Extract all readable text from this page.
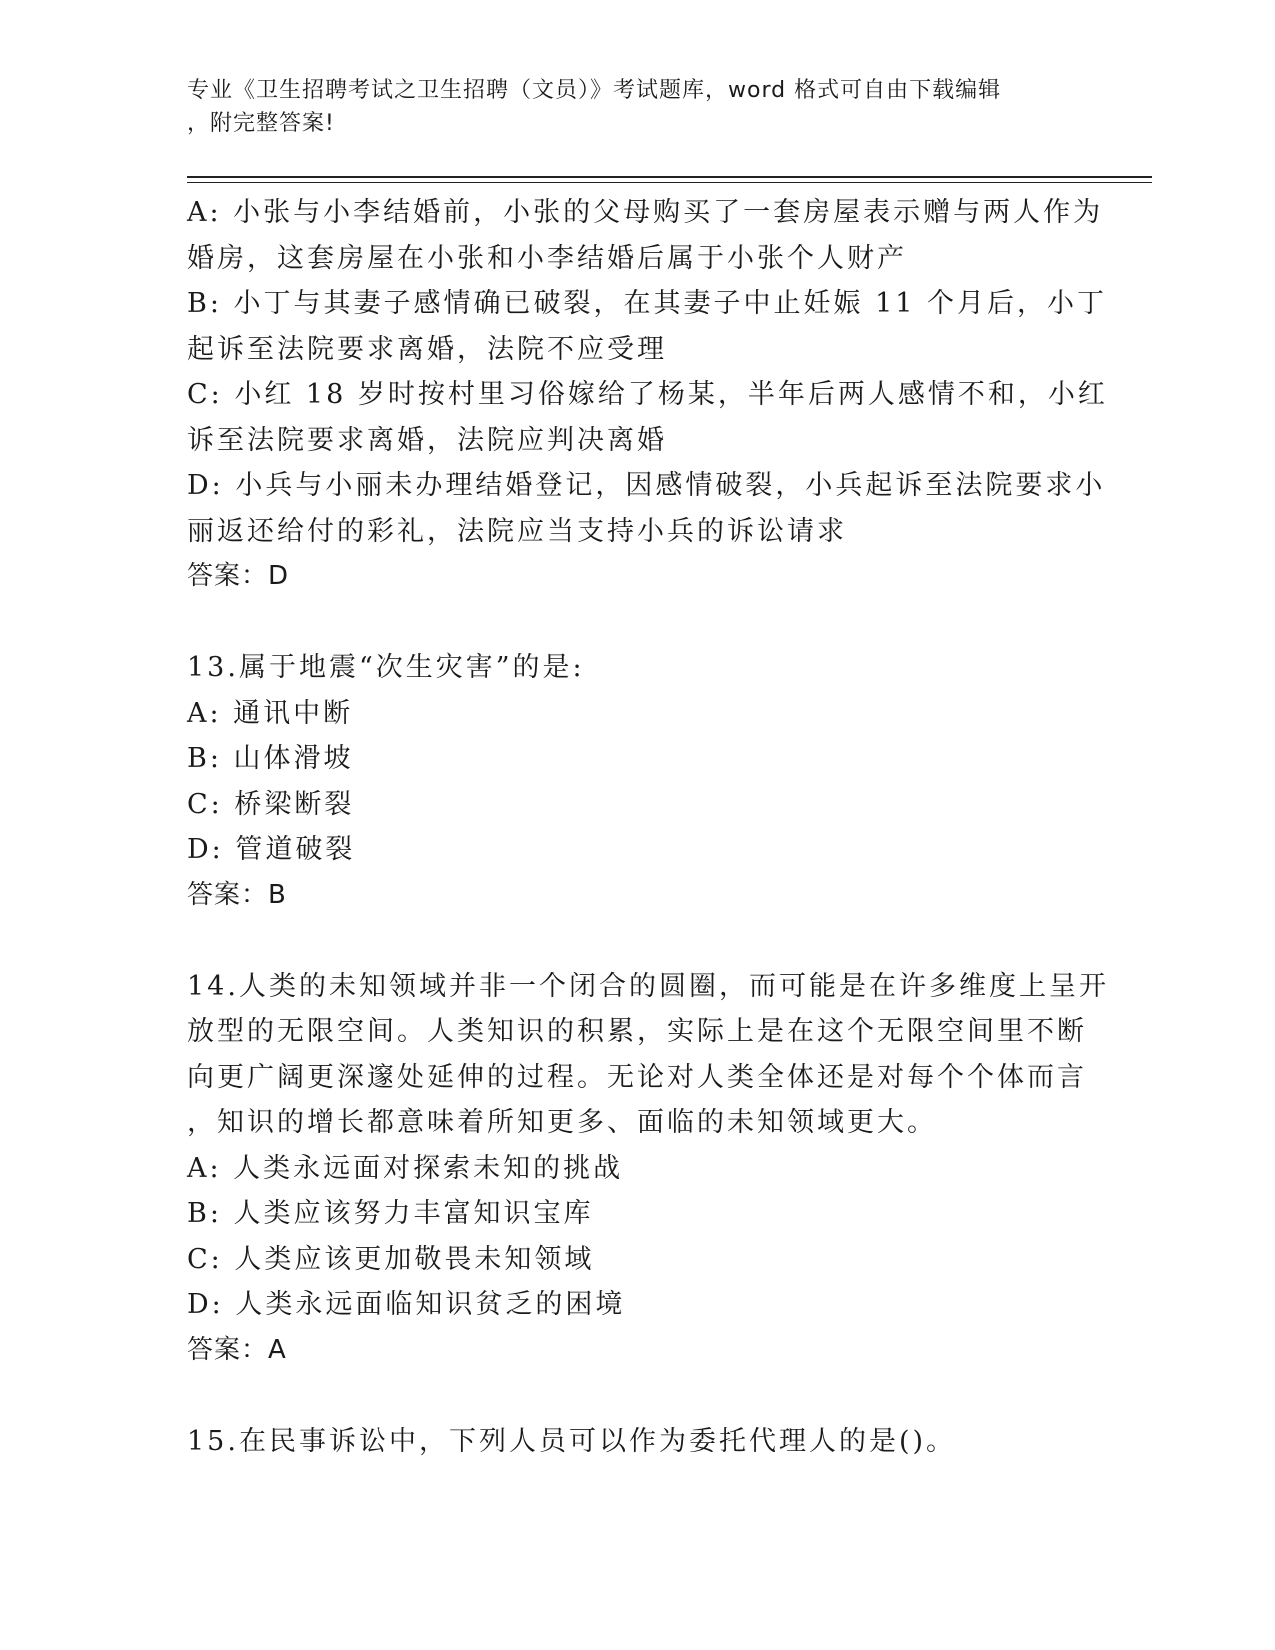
专业《卫生招聘考试之卫生招聘（文员）》考试题库，word 格式可自由下载编辑
，附完整答案!
A: 小张与小李结婚前，小张的父母购买了一套房屋表示赠与两人作为
婚房，这套房屋在小张和小李结婚后属于小张个人财产
B: 小丁与其妻子感情确已破裂，在其妻子中止妊娠 11 个月后，小丁
起诉至法院要求离婚，法院不应受理
C: 小红 18 岁时按村里习俗嫁给了杨某，半年后两人感情不和，小红
诉至法院要求离婚，法院应判决离婚
D: 小兵与小丽未办理结婚登记，因感情破裂，小兵起诉至法院要求小
丽返还给付的彩礼，法院应当支持小兵的诉讼请求
答案：D
13.属于地震“次生灾害”的是:
A: 通讯中断
B: 山体滑坡
C: 桥梁断裂
D: 管道破裂
答案：B
14.人类的未知领域并非一个闭合的圆圈，而可能是在许多维度上呈开
放型的无限空间。人类知识的积累，实际上是在这个无限空间里不断
向更广阔更深邃处延伸的过程。无论对人类全体还是对每个个体而言
，知识的增长都意味着所知更多、面临的未知领域更大。
A: 人类永远面对探索未知的挑战
B: 人类应该努力丰富知识宝库
C: 人类应该更加敬畏未知领域
D: 人类永远面临知识贫乏的困境
答案：A
15.在民事诉讼中，下列人员可以作为委托代理人的是()。
